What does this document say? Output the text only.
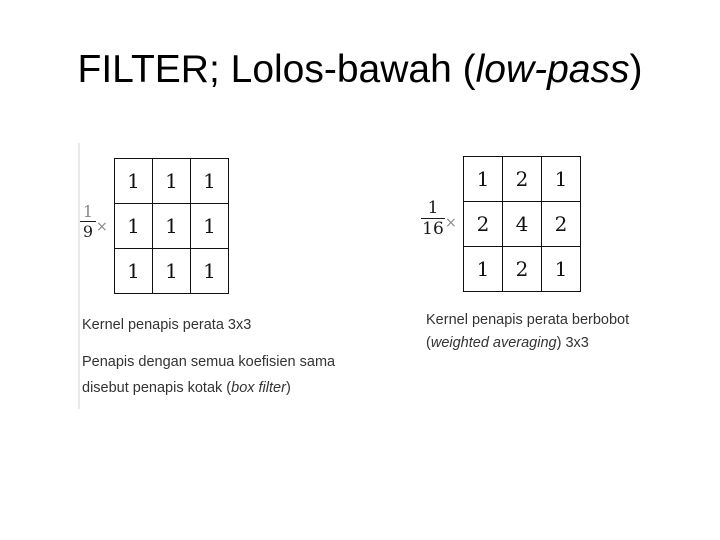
FILTER; Lolos-bawah (low-pass)
1
9 ×
1	1	1
1	1	1
1	1	1
Kernel penapis perata 3x3
Penapis dengan semua koefisien sama
disebut penapis kotak (box filter)
1
16 ×
1	2	1
2	4	2
1	2	1
Kernel penapis perata berbobot
(weighted averaging) 3x3
